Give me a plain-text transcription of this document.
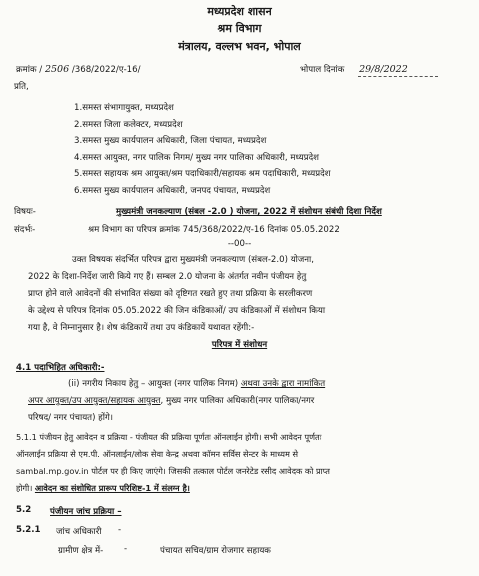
मध्यप्रदेश शासन
श्रम विभाग
मंत्रालय, वल्लभ भवन, भोपाल
क्रमांक / 2506 /368/2022/ए-16/	भोपाल दिनांक 29/8/2022
प्रति,
1.समस्त संभागायुक्त, मध्यप्रदेश
2.समस्त जिला कलेक्टर, मध्यप्रदेश
3.समस्त मुख्य कार्यपालन अधिकारी, जिला पंचायत, मध्यप्रदेश
4.समस्त आयुक्त, नगर पालिक निगम/ मुख्य नगर पालिका अधिकारी, मध्यप्रदेश
5.समस्त सहायक श्रम आयुक्त/श्रम पदाधिकारी/सहायक श्रम पदाधिकारी, मध्यप्रदेश
6.समस्त मुख्य कार्यपालन अधिकारी, जनपद पंचायत, मध्यप्रदेश
विषयः-	मुख्यमंत्री जनकल्याण (संबल -2.0 ) योजना, 2022 में संशोधन संबंधी दिशा निर्देश
संदर्भः-	श्रम विभाग का परिपत्र क्रमांक 745/368/2022/ए-16 दिनांक 05.05.2022
--00--
उक्त विषयक संदर्भित परिपत्र द्वारा मुख्यमंत्री जनकल्याण (संबल-2.0) योजना,
2022 के दिशा-निर्देश जारी किये गए हैं। सम्बल 2.0 योजना के अंतर्गत नवीन पंजीयन हेतु
प्राप्त होने वाले आवेदनों की संभावित संख्या को दृष्टिगत रखते हुए तथा प्रक्रिया के सरलीकरण
के उद्देश्य से परिपत्र दिनांक 05.05.2022 की जिन कंडिकाओं/ उप कंडिकाओं में संशोधन किया
गया है, वे निम्नानुसार है। शेष कंडिकायें तथा उप कंडिकायें यथावत रहेंगी:-
परिपत्र में संशोधन
4.1 पदाभिहित अधिकारी:-
(ii) नगरीय निकाय हेतु – आयुक्त (नगर पालिक निगम) अथवा उनके द्वारा नामांकित
अपर आयुक्त/उप आयुक्त/सहायक आयुक्त, मुख्य नगर पालिका अधिकारी(नगर पालिका/नगर
परिषद/ नगर पंचायत) होंगे।
5.1.1 पंजीयन हेतु आवेदन व प्रक्रिया - पंजीयत की प्रक्रिया पूर्णतः ऑनलाईन होगी। सभी आवेदन पूर्णतः
ऑनलाईन प्रक्रिया से एम.पी. ऑनलाईन/लोक सेवा केन्द्र अथवा कॉमन सर्विस सेन्टर के माध्यम से
sambal.mp.gov.in पोर्टल पर ही किए जाएंगे। जिसकी तत्काल पोर्टल जनरेटेड रसीद आवेदक को प्राप्त
होगी। आवेदन का संशोधित प्रारूप परिशिष्ट-1 में संलग्न है।
5.2 पंजीयन जांच प्रक्रिया –
5.2.1 जांच अधिकारी -
ग्रामीण क्षेत्र में- -	पंचायत सचिव/ग्राम रोजगार सहायक
